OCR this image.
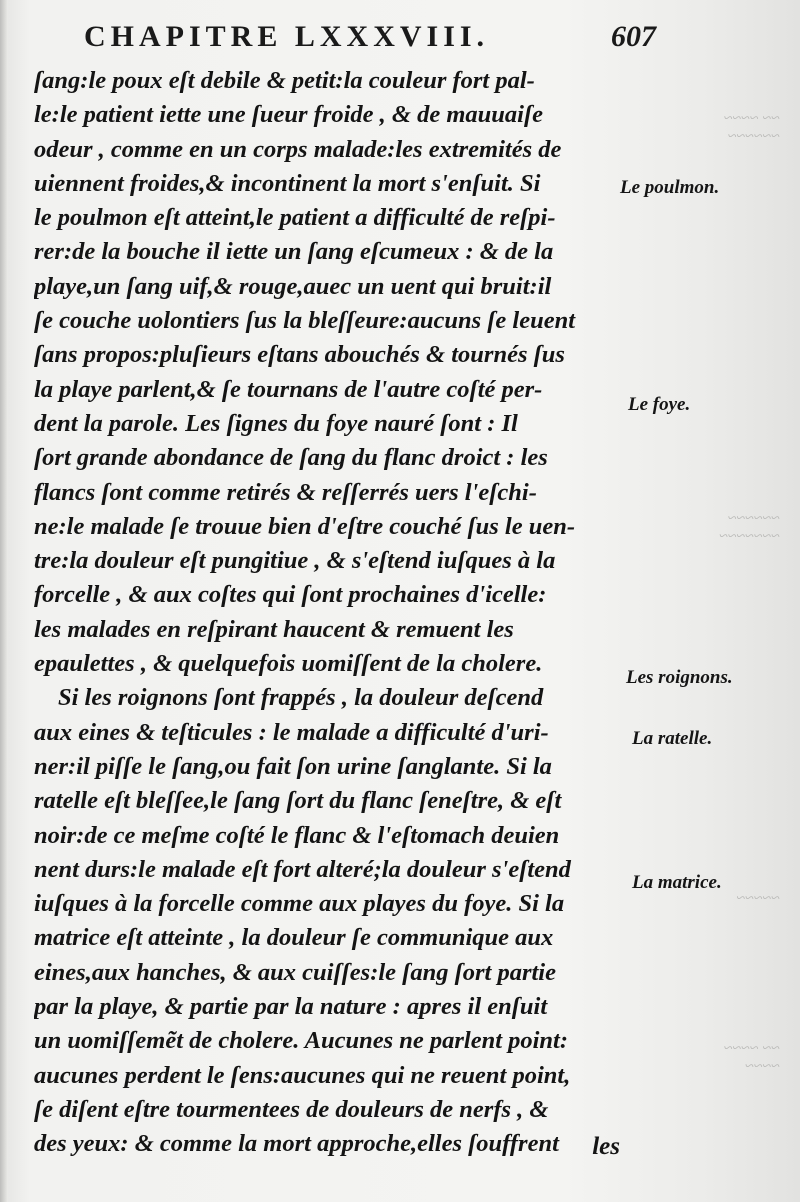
CHAPITRE LXXXVIII.	607
ſang:le poux eſt debile & petit:la couleur fort pal-
le:le patient iette une ſueur froide , & de mauuaiſe
odeur , comme en un corps malade:les extremités de
uiennent froides,& incontinent la mort s'enſuit. Si
le poulmon eſt atteint,le patient a difficulté de reſpi-
rer:de la bouche il iette un ſang eſcumeux : & de la
playe,un ſang uif,& rouge,auec un uent qui bruit:il
ſe couche uolontiers ſus la bleſſeure:aucuns ſe leuent
ſans propos:pluſieurs eſtans abouchés & tournés ſus
la playe parlent,& ſe tournans de l'autre coſté per-
dent la parole. Les ſignes du foye nauré ſont : Il
ſort grande abondance de ſang du flanc droict : les
flancs ſont comme retirés & reſſerrés uers l'eſchi-
ne:le malade ſe trouue bien d'eſtre couché ſus le uen-
tre:la douleur eſt pungitiue , & s'eſtend iuſques à la
forcelle , & aux coſtes qui ſont prochaines d'icelle:
les malades en reſpirant haucent & remuent les
epaulettes , & quelquefois uomiſſent de la cholere.
Si les roignons ſont frappés , la douleur deſcend
aux eines & teſticules : le malade a difficulté d'uri-
ner:il piſſe le ſang,ou fait ſon urine ſanglante. Si la
ratelle eſt bleſſee,le ſang ſort du flanc ſeneſtre, & eſt
noir:de ce meſme coſté le flanc & l'eſtomach deuien
nent durs:le malade eſt fort alteré;la douleur s'eſtend
iuſques à la forcelle comme aux playes du foye. Si la
matrice eſt atteinte , la douleur ſe communique aux
eines,aux hanches, & aux cuiſſes:le ſang ſort partie
par la playe, & partie par la nature : apres il enſuit
un uomiſſemẽt de cholere. Aucunes ne parlent point:
aucunes perdent le ſens:aucunes qui ne reuent point,
ſe diſent eſtre tourmentees de douleurs de nerfs , &
des yeux: & comme la mort approche,elles ſouffrent	les
Le poulmon.
Le foye.
Les roignons.
La ratelle.
La matrice.
~~ ~~~~
~~~~~~
~~~~~~
~~~~~~~
~~~~~
~~ ~~~~
~~~~
